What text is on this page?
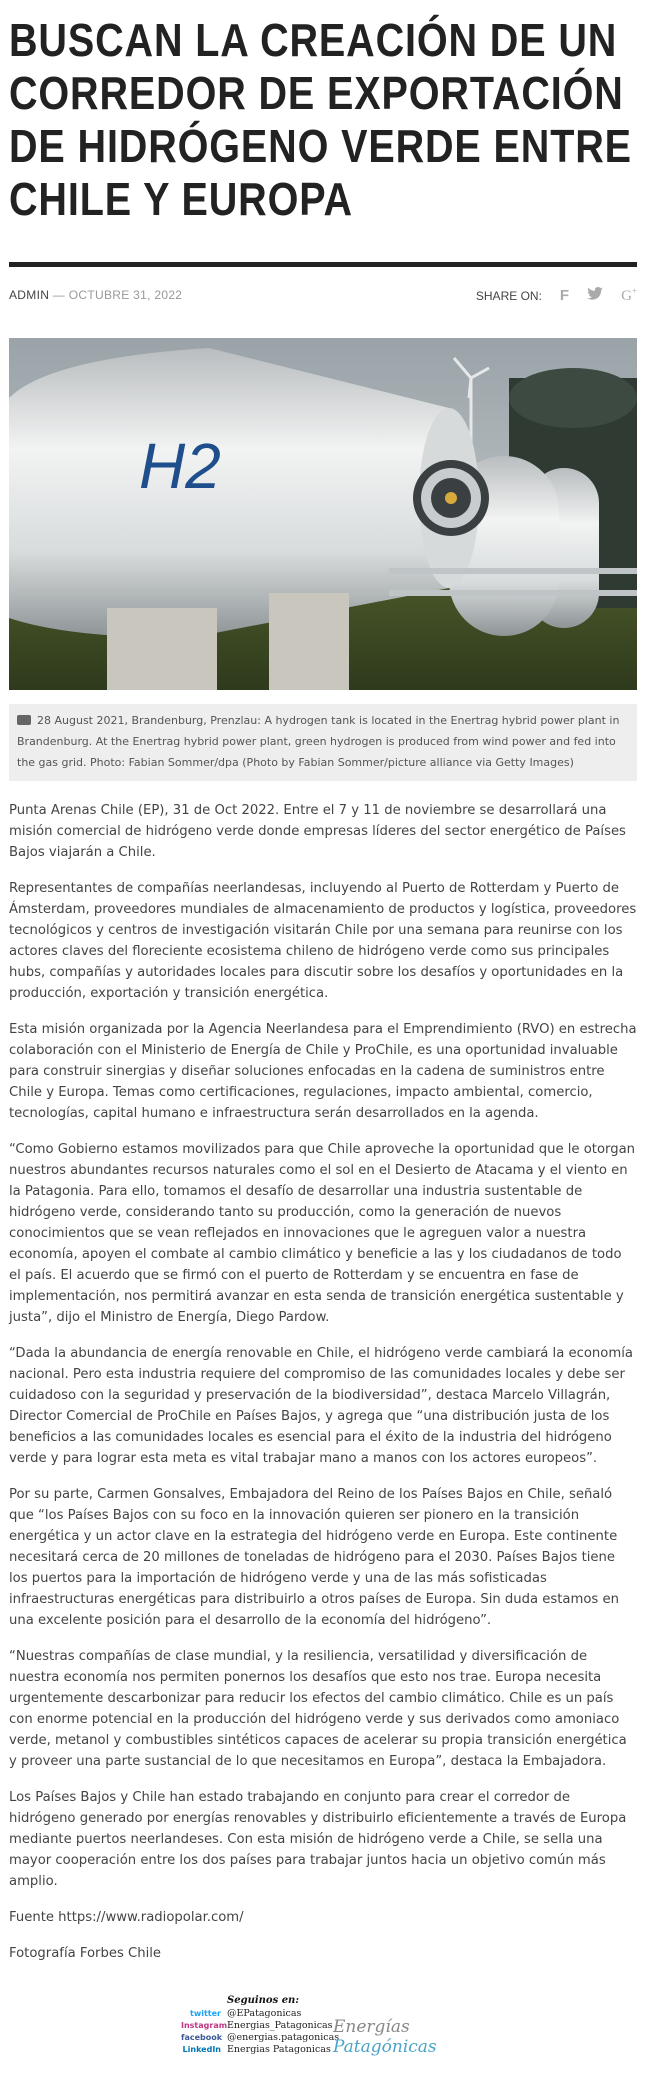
BUSCAN LA CREACIÓN DE UN CORREDOR DE EXPORTACIÓN DE HIDRÓGENO VERDE ENTRE CHILE Y EUROPA
ADMIN — OCTUBRE 31, 2022	SHARE ON: F	G+
H2
28 August 2021, Brandenburg, Prenzlau: A hydrogen tank is located in the Enertrag hybrid power plant in Brandenburg. At the Enertrag hybrid power plant, green hydrogen is produced from wind power and fed into the gas grid. Photo: Fabian Sommer/dpa (Photo by Fabian Sommer/picture alliance via Getty Images)

Punta Arenas Chile (EP), 31 de Oct 2022. Entre el 7 y 11 de noviembre se desarrollará una misión comercial de hidrógeno verde donde empresas líderes del sector energético de Países Bajos viajarán a Chile.

Representantes de compañías neerlandesas, incluyendo al Puerto de Rotterdam y Puerto de Ámsterdam, proveedores mundiales de almacenamiento de productos y logística, proveedores tecnológicos y centros de investigación visitarán Chile por una semana para reunirse con los actores claves del floreciente ecosistema chileno de hidrógeno verde como sus principales hubs, compañías y autoridades locales para discutir sobre los desafíos y oportunidades en la producción, exportación y transición energética.

Esta misión organizada por la Agencia Neerlandesa para el Emprendimiento (RVO) en estrecha colaboración con el Ministerio de Energía de Chile y ProChile, es una oportunidad invaluable para construir sinergias y diseñar soluciones enfocadas en la cadena de suministros entre Chile y Europa. Temas como certificaciones, regulaciones, impacto ambiental, comercio, tecnologías, capital humano e infraestructura serán desarrollados en la agenda.

“Como Gobierno estamos movilizados para que Chile aproveche la oportunidad que le otorgan nuestros abundantes recursos naturales como el sol en el Desierto de Atacama y el viento en la Patagonia. Para ello, tomamos el desafío de desarrollar una industria sustentable de hidrógeno verde, considerando tanto su producción, como la generación de nuevos conocimientos que se vean reflejados en innovaciones que le agreguen valor a nuestra economía, apoyen el combate al cambio climático y beneficie a las y los ciudadanos de todo el país. El acuerdo que se firmó con el puerto de Rotterdam y se encuentra en fase de implementación, nos permitirá avanzar en esta senda de transición energética sustentable y justa”, dijo el Ministro de Energía, Diego Pardow.

“Dada la abundancia de energía renovable en Chile, el hidrógeno verde cambiará la economía nacional. Pero esta industria requiere del compromiso de las comunidades locales y debe ser cuidadoso con la seguridad y preservación de la biodiversidad”, destaca Marcelo Villagrán, Director Comercial de ProChile en Países Bajos, y agrega que “una distribución justa de los beneficios a las comunidades locales es esencial para el éxito de la industria del hidrógeno verde y para lograr esta meta es vital trabajar mano a manos con los actores europeos”.

Por su parte, Carmen Gonsalves, Embajadora del Reino de los Países Bajos en Chile, señaló que “los Países Bajos con su foco en la innovación quieren ser pionero en la transición energética y un actor clave en la estrategia del hidrógeno verde en Europa. Este continente necesitará cerca de 20 millones de toneladas de hidrógeno para el 2030. Países Bajos tiene los puertos para la importación de hidrógeno verde y una de las más sofisticadas infraestructuras energéticas para distribuirlo a otros países de Europa. Sin duda estamos en una excelente posición para el desarrollo de la economía del hidrógeno”.

“Nuestras compañías de clase mundial, y la resiliencia, versatilidad y diversificación de nuestra economía nos permiten ponernos los desafíos que esto nos trae. Europa necesita urgentemente descarbonizar para reducir los efectos del cambio climático. Chile es un país con enorme potencial en la producción del hidrógeno verde y sus derivados como amoniaco verde, metanol y combustibles sintéticos capaces de acelerar su propia transición energética y proveer una parte sustancial de lo que necesitamos en Europa”, destaca la Embajadora.

Los Países Bajos y Chile han estado trabajando en conjunto para crear el corredor de hidrógeno generado por energías renovables y distribuirlo eficientemente a través de Europa mediante puertos neerlandeses. Con esta misión de hidrógeno verde a Chile, se sella una mayor cooperación entre los dos países para trabajar juntos hacia un objetivo común más amplio.

Fuente https://www.radiopolar.com/

Fotografía Forbes Chile

Seguinos en:
twitter @EPatagonicas
Instagram Energias_Patagonicas
facebook @energias.patagonicas
LinkedIn Energias Patagonicas
Energías Patagónicas
